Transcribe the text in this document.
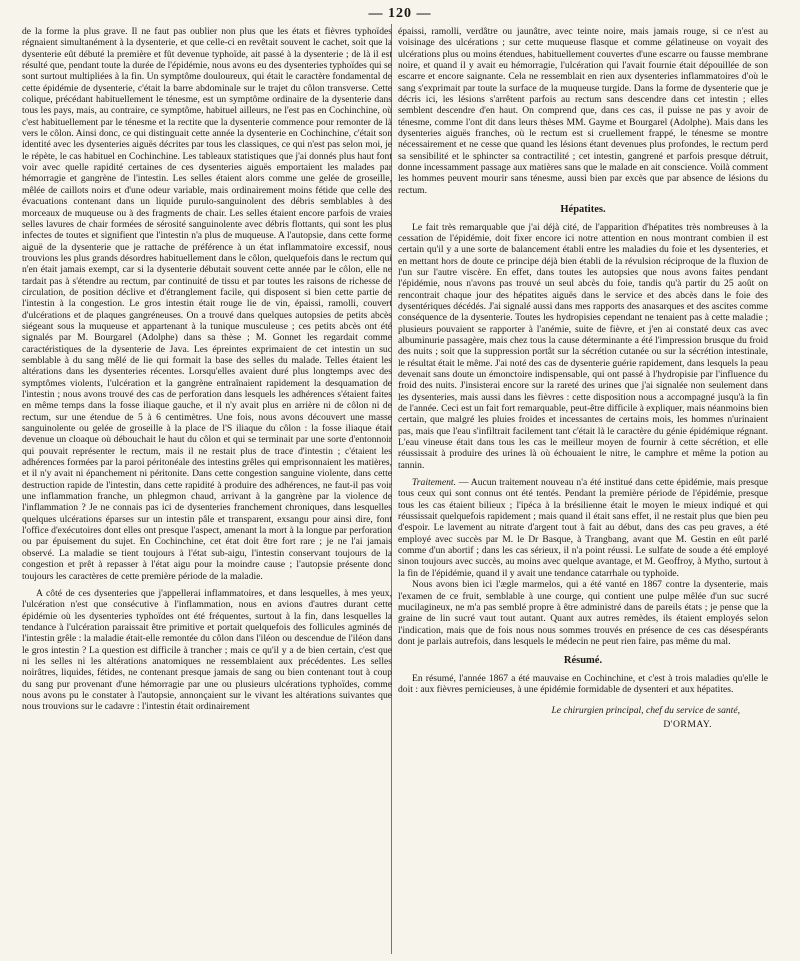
— 120 —

de la forme la plus grave. Il ne faut pas oublier non plus que les états et fièvres typhoïdes régnaient simultanément à la dysenterie, et que celle-ci en revêtait souvent le cachet, soit que la dysenterie eût débuté la première et fût devenue typhoïde, ait passé à la dysenterie ; de là il est résulté que, pendant toute la durée de l'épidémie, nous avons eu des dysenteries typhoïdes qui se sont surtout multipliées à la fin. Un symptôme douloureux, qui était le caractère fondamental de cette épidémie de dysenterie, c'était la barre abdominale sur le trajet du côlon transverse. Cette colique, précédant habituellement le ténesme, est un symptôme ordinaire de la dysenterie dans tous les pays, mais, au contraire, ce symptôme, habituel ailleurs, ne l'est pas en Cochinchine, où c'est habituellement par le ténesme et la rectite que la dysenterie commence pour remonter de là vers le côlon. Ainsi donc, ce qui distinguait cette année la dysenterie en Cochinchine, c'était son identité avec les dysenteries aiguës décrites par tous les classiques, ce qui n'est pas selon moi, je le répète, le cas habituel en Cochinchine. Les tableaux statistiques que j'ai donnés plus haut font voir avec quelle rapidité certaines de ces dysenteries aiguës emportaient les malades par hémorragie et gangrène de l'intestin. Les selles étaient alors comme une gelée de groseille, mêlée de caillots noirs et d'une odeur variable, mais ordinairement moins fétide que celle des évacuations contenant dans un liquide purulo-sanguinolent des débris semblables à des morceaux de muqueuse ou à des fragments de chair. Les selles étaient encore parfois de vraies selles lavures de chair formées de sérosité sanguinolente avec débris flottants, qui sont les plus infectes de toutes et signifient que l'intestin n'a plus de muqueuse. A l'autopsie, dans cette forme aiguë de la dysenterie que je rattache de préférence à un état inflammatoire excessif, nous trouvions les plus grands désordres habituellement dans le côlon, quelquefois dans le rectum qui n'en était jamais exempt, car si la dysenterie débutait souvent cette année par le côlon, elle ne tardait pas à s'étendre au rectum, par continuité de tissu et par toutes les raisons de richesse de circulation, de position déclive et d'étranglement facile, qui disposent si bien cette partie de l'intestin à la congestion. Le gros intestin était rouge lie de vin, épaissi, ramolli, couvert d'ulcérations et de plaques gangréneuses. On a trouvé dans quelques autopsies de petits abcès siégeant sous la muqueuse et appartenant à la tunique musculeuse ; ces petits abcès ont été signalés par M. Bourgarel (Adolphe) dans sa thèse ; M. Gonnet les regardait comme caractéristiques de la dysenterie de Java. Les épreintes exprimaient de cet intestin un suc semblable à du sang mêlé de lie qui formait la base des selles du malade. Telles étaient les altérations dans les dysenteries récentes. Lorsqu'elles avaient duré plus longtemps avec des symptômes violents, l'ulcération et la gangrène entraînaient rapidement la desquamation de l'intestin ; nous avons trouvé des cas de perforation dans lesquels les adhérences s'étaient faites en même temps dans la fosse iliaque gauche, et il n'y avait plus en arrière ni de côlon ni de rectum, sur une étendue de 5 à 6 centimètres. Une fois, nous avons découvert une masse sanguinolente ou gelée de groseille à la place de l'S iliaque du côlon : la fosse iliaque était devenue un cloaque où débouchait le haut du côlon et qui se terminait par une sorte d'entonnoir qui pouvait représenter le rectum, mais il ne restait plus de trace d'intestin ; c'étaient les adhérences formées par la paroi péritonéale des intestins grêles qui emprisonnaient les matières, et il n'y avait ni épanchement ni péritonite. Dans cette congestion sanguine violente, dans cette destruction rapide de l'intestin, dans cette rapidité à produire des adhérences, ne faut-il pas voir une inflammation franche, un phlegmon chaud, arrivant à la gangrène par la violence de l'inflammation ? Je ne connais pas ici de dysenteries franchement chroniques, dans lesquelles quelques ulcérations éparses sur un intestin pâle et transparent, exsangu pour ainsi dire, font l'office d'exécutoires dont elles ont presque l'aspect, amenant la mort à la longue par perforation ou par épuisement du sujet. En Cochinchine, cet état doit être fort rare ; je ne l'ai jamais observé. La maladie se tient toujours à l'état sub-aigu, l'intestin conservant toujours de la congestion et prêt à repasser à l'état aigu pour la moindre cause ; l'autopsie présente donc toujours les caractères de cette première période de la maladie.

A côté de ces dysenteries que j'appellerai inflammatoires, et dans lesquelles, à mes yeux, l'ulcération n'est que consécutive à l'inflammation, nous en avions d'autres durant cette épidémie où les dysenteries typhoïdes ont été fréquentes, surtout à la fin, dans lesquelles la tendance à l'ulcération paraissait être primitive et portait quelquefois des follicules agminés de l'intestin grêle : la maladie était-elle remontée du côlon dans l'iléon ou descendue de l'iléon dans le gros intestin ? La question est difficile à trancher ; mais ce qu'il y a de bien certain, c'est que ni les selles ni les altérations anatomiques ne ressemblaient aux précédentes. Les selles noirâtres, liquides, fétides, ne contenant presque jamais de sang ou bien contenant tout à coup du sang pur provenant d'une hémorragie par une ou plusieurs ulcérations typhoïdes, comme nous avons pu le constater à l'autopsie, annonçaient sur le vivant les altérations suivantes que nous trouvions sur le cadavre : l'intestin était ordinairement

épaissi, ramolli, verdâtre ou jaunâtre, avec teinte noire, mais jamais rouge, si ce n'est au voisinage des ulcérations ; sur cette muqueuse flasque et comme gélatineuse on voyait des ulcérations plus ou moins étendues, habituellement couvertes d'une escarre ou fausse membrane noire, et quand il y avait eu hémorragie, l'ulcération qui l'avait fournie était dépouillée de son escarre et encore saignante. Cela ne ressemblait en rien aux dysenteries inflammatoires d'où le sang s'exprimait par toute la surface de la muqueuse turgide. Dans la forme de dysenterie que je décris ici, les lésions s'arrêtent parfois au rectum sans descendre dans cet intestin ; elles semblent descendre d'en haut. On comprend que, dans ces cas, il puisse ne pas y avoir de ténesme, comme l'ont dit dans leurs thèses MM. Gayme et Bourgarel (Adolphe). Mais dans les dysenteries aiguës franches, où le rectum est si cruellement frappé, le ténesme se montre nécessairement et ne cesse que quand les lésions étant devenues plus profondes, le rectum perd sa sensibilité et le sphincter sa contractilité ; cet intestin, gangrené et parfois presque détruit, donne incessamment passage aux matières sans que le malade en ait conscience. Voilà comment les hommes peuvent mourir sans ténesme, aussi bien par excès que par absence de lésions du rectum.

Hépatites.

Le fait très remarquable que j'ai déjà cité, de l'apparition d'hépatites très nombreuses à la cessation de l'épidémie, doit fixer encore ici notre attention en nous montrant combien il est certain qu'il y a une sorte de balancement établi entre les maladies du foie et les dysenteries, et en mettant hors de doute ce principe déjà bien établi de la révulsion réciproque de la fluxion de l'un sur l'autre viscère. En effet, dans toutes les autopsies que nous avons faites pendant l'épidémie, nous n'avons pas trouvé un seul abcès du foie, tandis qu'à partir du 25 août on rencontrait chaque jour des hépatites aiguës dans le service et des abcès dans le foie des dysentériques décédés. J'ai signalé aussi dans mes rapports des anasarques et des ascites comme conséquence de la dysenterie. Toutes les hydropisies cependant ne tenaient pas à cette maladie ; plusieurs pouvaient se rapporter à l'anémie, suite de fièvre, et j'en ai constaté deux cas avec albuminurie passagère, mais chez tous la cause déterminante a été l'impression brusque du froid des nuits ; soit que la suppression portât sur la sécrétion cutanée ou sur la sécrétion intestinale, le résultat était le même. J'ai noté des cas de dysenterie guérie rapidement, dans lesquels la peau devenait sans doute un émonctoire indispensable, qui ont passé à l'hydropisie par l'influence du froid des nuits. J'insisterai encore sur la rareté des urines que j'ai signalée non seulement dans les dysenteries, mais aussi dans les fièvres : cette disposition nous a accompagné jusqu'à la fin de l'année. Ceci est un fait fort remarquable, peut-être difficile à expliquer, mais néanmoins bien certain, que malgré les pluies froides et incessantes de certains mois, les hommes n'urinaient pas, mais que l'eau s'infiltrait facilement tant c'était là le caractère du génie épidémique régnant. L'eau vineuse était dans tous les cas le meilleur moyen de fournir à cette sécrétion, et elle réussissait à produire des urines là où échouaient le nitre, le camphre et même la potion au tannin.

Traitement. — Aucun traitement nouveau n'a été institué dans cette épidémie, mais presque tous ceux qui sont connus ont été tentés. Pendant la première période de l'épidémie, presque tous les cas étaient bilieux ; l'ipéca à la brésilienne était le moyen le mieux indiqué et qui réussissait quelquefois rapidement ; mais quand il était sans effet, il ne restait plus que bien peu d'espoir. Le lavement au nitrate d'argent tout à fait au début, dans des cas peu graves, a été employé avec succès par M. le Dr Basque, à Trangbang, avant que M. Gestin en eût parlé comme d'un abortif ; dans les cas sérieux, il n'a point réussi. Le sulfate de soude a été employé sinon toujours avec succès, au moins avec quelque avantage, et M. Geoffroy, à Mytho, surtout à la fin de l'épidémie, quand il y avait une tendance catarrhale ou typhoïde.

Nous avons bien ici l'ægle marmelos, qui a été vanté en 1867 contre la dysenterie, mais l'examen de ce fruit, semblable à une courge, qui contient une pulpe mêlée d'un suc sucré mucilagineux, ne m'a pas semblé propre à être administré dans de pareils états ; je pense que la graine de lin sucré vaut tout autant. Quant aux autres remèdes, ils étaient employés selon l'indication, mais que de fois nous nous sommes trouvés en présence de ces cas désespérants dont je parlais autrefois, dans lesquels le médecin ne peut rien faire, pas même du mal.

Résumé.

En résumé, l'année 1867 a été mauvaise en Cochinchine, et c'est à trois maladies qu'elle le doit : aux fièvres pernicieuses, à une épidémie formidable de dysenteri et aux hépatites.

Le chirurgien principal, chef du service de santé,
D'ORMAY.
